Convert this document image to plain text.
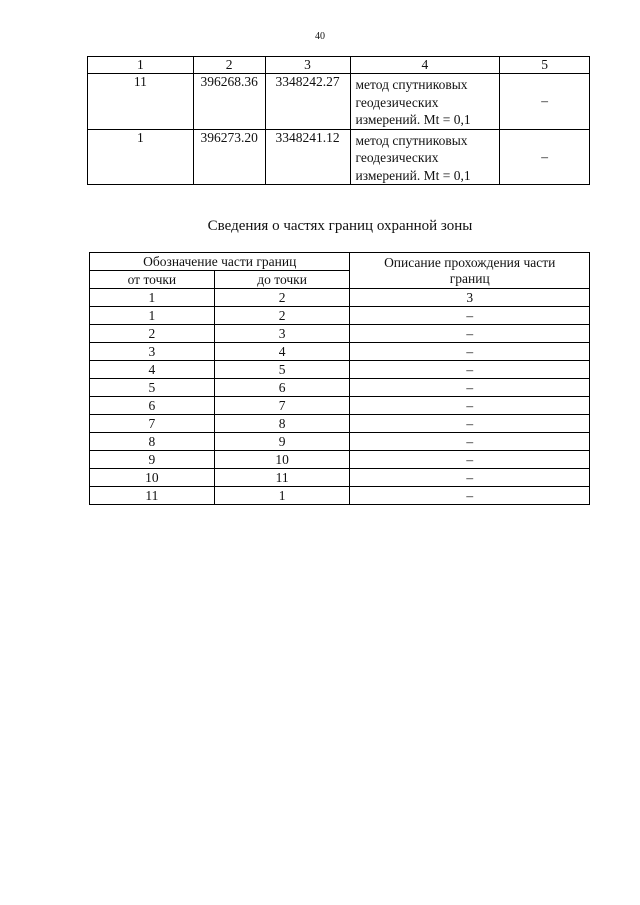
40
1	2	3	4	5
11	396268.36	3348242.27	метод спутниковых
геодезических
измерений. Mt = 0,1	–
1	396273.20	3348241.12	метод спутниковых
геодезических
измерений. Mt = 0,1	–
Сведения о частях границ охранной зоны
Обозначение части границ		Описание прохождения части
границ

от точки	до точки	
1	2	3
1	2	–
2	3	–
3	4	–
4	5	–
5	6	–
6	7	–
7	8	–
8	9	–
9	10	–
10	11	–
11	1	–
